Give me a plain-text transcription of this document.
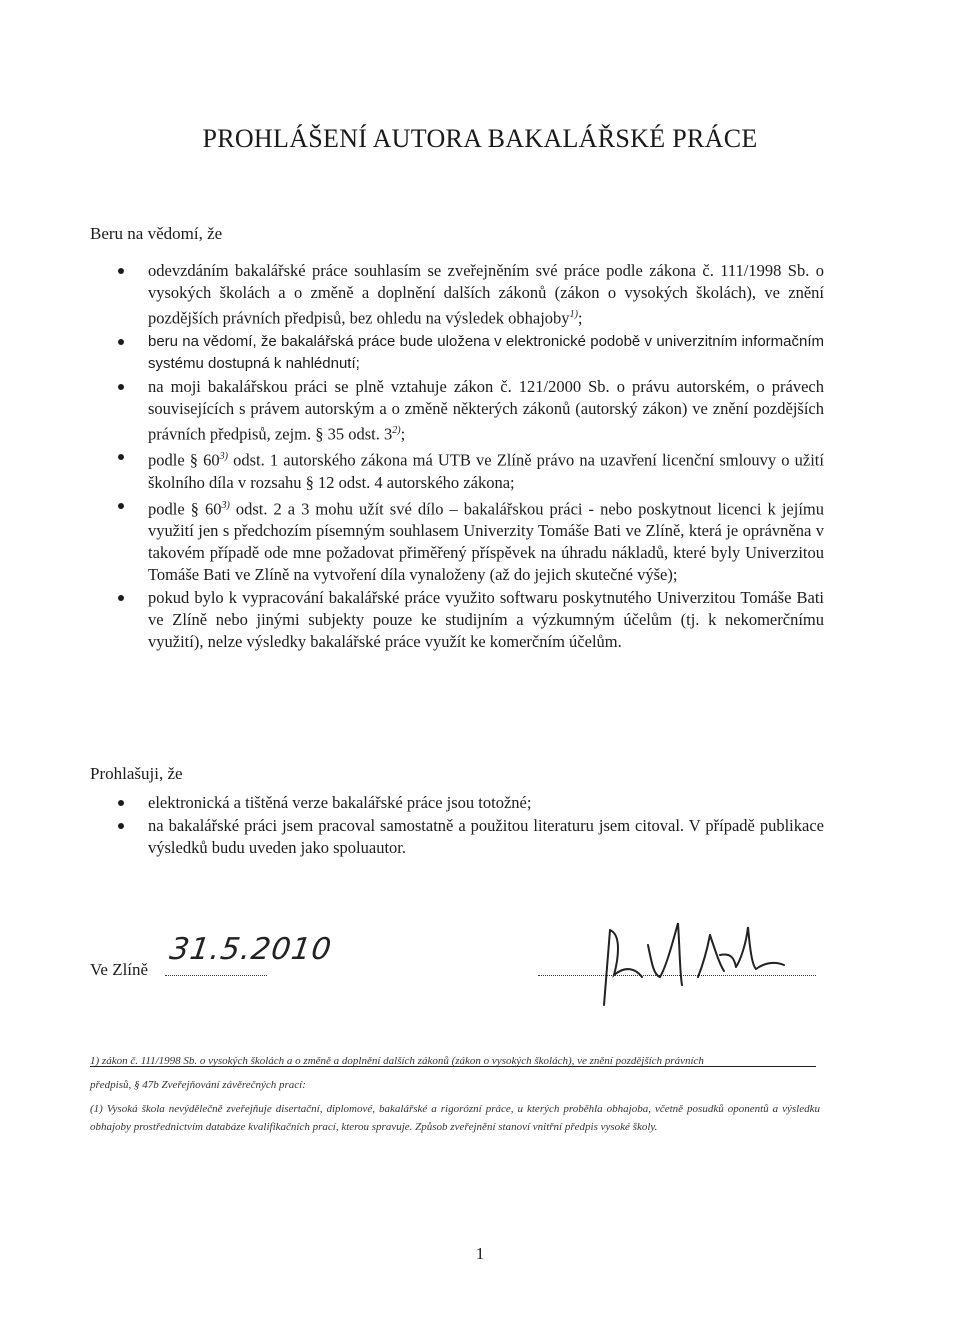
PROHLÁŠENÍ AUTORA BAKALÁŘSKÉ PRÁCE
Beru na vědomí, že
odevzdáním bakalářské práce souhlasím se zveřejněním své práce podle zákona č. 111/1998 Sb. o vysokých školách a o změně a doplnění dalších zákonů (zákon o vysokých školách), ve znění pozdějších právních předpisů, bez ohledu na výsledek obhajoby$^{1)}$;
beru na vědomí, že bakalářská práce bude uložena v elektronické podobě v univerzitním informačním systému dostupná k nahlédnutí;
na moji bakalářskou práci se plně vztahuje zákon č. 121/2000 Sb. o právu autorském, o právech souvisejících s právem autorským a o změně některých zákonů (autorský zákon) ve znění pozdějších právních předpisů, zejm. § 35 odst. 3$^{2)}$;
podle § 60$^{3)}$ odst. 1 autorského zákona má UTB ve Zlíně právo na uzavření licenční smlouvy o užití školního díla v rozsahu § 12 odst. 4 autorského zákona;
podle § 60$^{3)}$ odst. 2 a 3 mohu užít své dílo – bakalářskou práci - nebo poskytnout licenci k jejímu využití jen s předchozím písemným souhlasem Univerzity Tomáše Bati ve Zlíně, která je oprávněna v takovém případě ode mne požadovat přiměřený příspěvek na úhradu nákladů, které byly Univerzitou Tomáše Bati ve Zlíně na vytvoření díla vynaloženy (až do jejich skutečné výše);
pokud bylo k vypracování bakalářské práce využito softwaru poskytnutého Univerzitou Tomáše Bati ve Zlíně nebo jinými subjekty pouze ke studijním a výzkumným účelům (tj. k nekomerčnímu využití), nelze výsledky bakalářské práce využít ke komerčním účelům.
Prohlašuji, že
elektronická a tištěná verze bakalářské práce jsou totožné;
na bakalářské práci jsem pracoval samostatně a použitou literaturu jsem citoval. V případě publikace výsledků budu uveden jako spoluautor.
Ve Zlíně
31.5.2010
1) zákon č. 111/1998 Sb. o vysokých školách a o změně a doplnění dalších zákonů (zákon o vysokých školách), ve znění pozdějších právních
předpisů, § 47b Zveřejňování závěrečných prací:
(1) Vysoká škola nevýdělečně zveřejňuje disertační, diplomové, bakalářské a rigorózní práce, u kterých proběhla obhajoba, včetně posudků oponentů a výsledku obhajoby prostřednictvím databáze kvalifikačních prací, kterou spravuje. Způsob zveřejnění stanoví vnitřní předpis vysoké školy.
1
